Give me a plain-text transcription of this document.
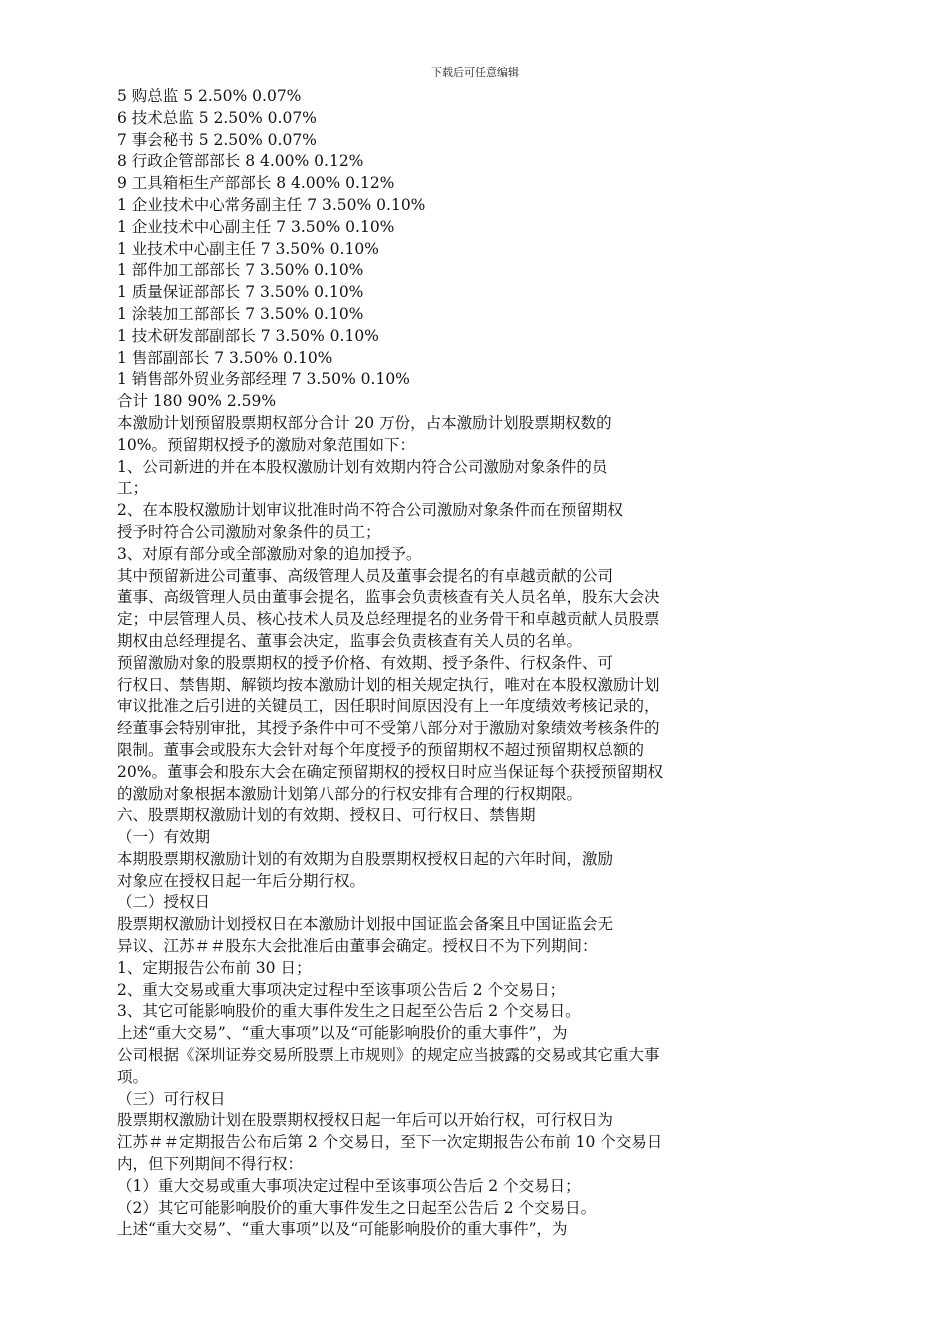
下载后可任意编辑
5 购总监 5 2.50% 0.07%
6 技术总监 5 2.50% 0.07%
7 事会秘书 5 2.50% 0.07%
8 行政企管部部长 8 4.00% 0.12%
9 工具箱柜生产部部长 8 4.00% 0.12%
1 企业技术中心常务副主任 7 3.50% 0.10%
1 企业技术中心副主任 7 3.50% 0.10%
1 业技术中心副主任 7 3.50% 0.10%
1 部件加工部部长 7 3.50% 0.10%
1 质量保证部部长 7 3.50% 0.10%
1 涂装加工部部长 7 3.50% 0.10%
1 技术研发部副部长 7 3.50% 0.10%
1 售部副部长 7 3.50% 0.10%
1 销售部外贸业务部经理 7 3.50% 0.10%
合计 180 90% 2.59%
本激励计划预留股票期权部分合计 20 万份，占本激励计划股票期权数的
10%。预留期权授予的激励对象范围如下：
1、公司新进的并在本股权激励计划有效期内符合公司激励对象条件的员
工；
2、在本股权激励计划审议批准时尚不符合公司激励对象条件而在预留期权
授予时符合公司激励对象条件的员工；
3、对原有部分或全部激励对象的追加授予。
其中预留新进公司董事、高级管理人员及董事会提名的有卓越贡献的公司
董事、高级管理人员由董事会提名，监事会负责核查有关人员名单，股东大会决
定；中层管理人员、核心技术人员及总经理提名的业务骨干和卓越贡献人员股票
期权由总经理提名、董事会决定，监事会负责核查有关人员的名单。
预留激励对象的股票期权的授予价格、有效期、授予条件、行权条件、可
行权日、禁售期、解锁均按本激励计划的相关规定执行，唯对在本股权激励计划
审议批准之后引进的关键员工，因任职时间原因没有上一年度绩效考核记录的，
经董事会特别审批，其授予条件中可不受第八部分对于激励对象绩效考核条件的
限制。董事会或股东大会针对每个年度授予的预留期权不超过预留期权总额的
20%。董事会和股东大会在确定预留期权的授权日时应当保证每个获授预留期权
的激励对象根据本激励计划第八部分的行权安排有合理的行权期限。
六、股票期权激励计划的有效期、授权日、可行权日、禁售期
（一）有效期
本期股票期权激励计划的有效期为自股票期权授权日起的六年时间，激励
对象应在授权日起一年后分期行权。
（二）授权日
股票期权激励计划授权日在本激励计划报中国证监会备案且中国证监会无
异议、江苏＃＃股东大会批准后由董事会确定。授权日不为下列期间：
1、定期报告公布前 30 日；
2、重大交易或重大事项决定过程中至该事项公告后 2 个交易日；
3、其它可能影响股价的重大事件发生之日起至公告后 2 个交易日。
上述“重大交易”、“重大事项”以及“可能影响股价的重大事件”，为
公司根据《深圳证券交易所股票上市规则》的规定应当披露的交易或其它重大事
项。
（三）可行权日
股票期权激励计划在股票期权授权日起一年后可以开始行权，可行权日为
江苏＃＃定期报告公布后第 2 个交易日，至下一次定期报告公布前 10 个交易日
内，但下列期间不得行权：
（1）重大交易或重大事项决定过程中至该事项公告后 2 个交易日；
（2）其它可能影响股价的重大事件发生之日起至公告后 2 个交易日。
上述“重大交易”、“重大事项”以及“可能影响股价的重大事件”，为
